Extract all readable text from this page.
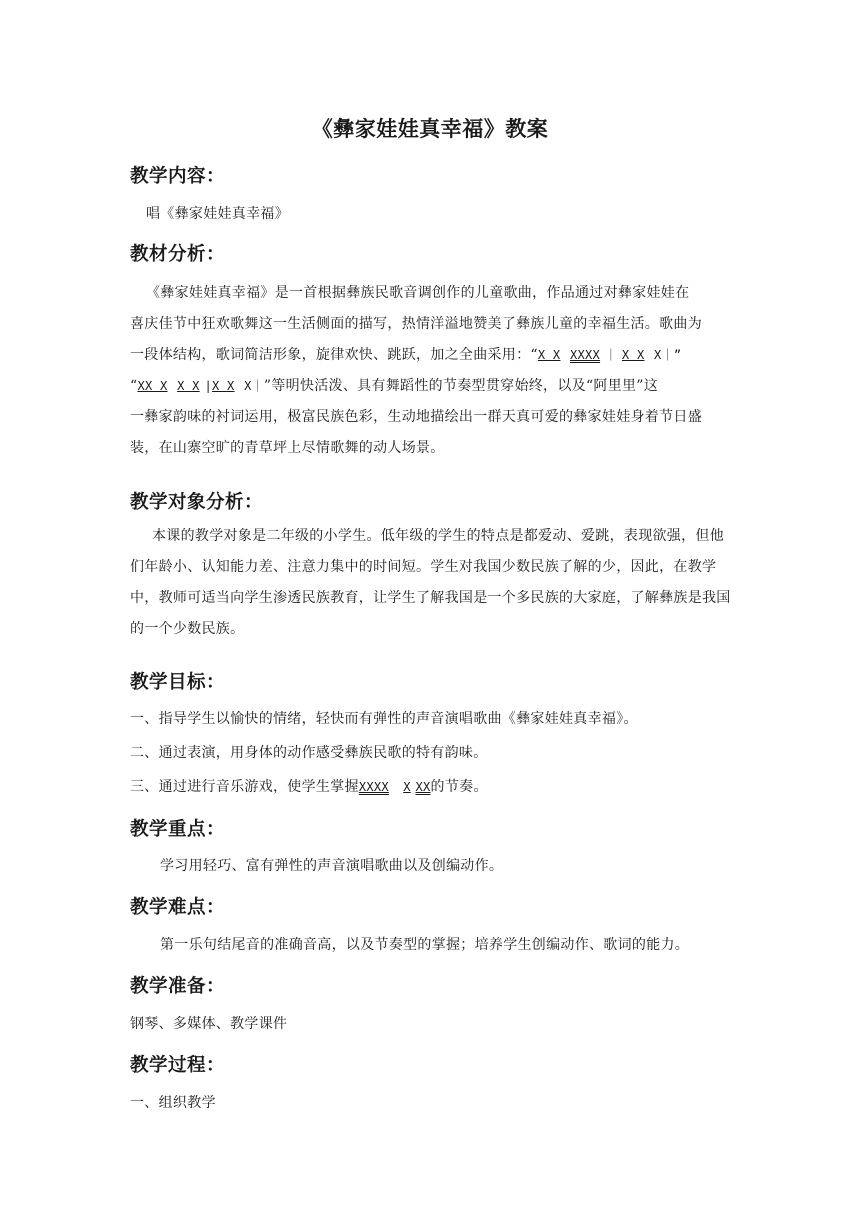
《彝家娃娃真幸福》教案
教学内容：
唱《彝家娃娃真幸福》
教材分析：
《彝家娃娃真幸福》是一首根据彝族民歌音调创作的儿童歌曲，作品通过对彝家娃娃在
喜庆佳节中狂欢歌舞这一生活侧面的描写，热情洋溢地赞美了彝族儿童的幸福生活。歌曲为
一段体结构，歌词简洁形象，旋律欢快、跳跃，加之全曲采用：“X X XXXX ｜ X X X｜”
“XX X X X |X X X｜”等明快活泼、具有舞蹈性的节奏型贯穿始终，以及“阿里里”这
一彝家韵味的衬词运用，极富民族色彩，生动地描绘出一群天真可爱的彝家娃娃身着节日盛
装，在山寨空旷的青草坪上尽情歌舞的动人场景。
教学对象分析：
本课的教学对象是二年级的小学生。低年级的学生的特点是都爱动、爱跳，表现欲强，但他们年龄小、认知能力差、注意力集中的时间短。学生对我国少数民族了解的少，因此，在教学中，教师可适当向学生渗透民族教育，让学生了解我国是一个多民族的大家庭，了解彝族是我国的一个少数民族。
教学目标：
一、指导学生以愉快的情绪，轻快而有弹性的声音演唱歌曲《彝家娃娃真幸福》。
二、通过表演，用身体的动作感受彝族民歌的特有韵味。
三、通过进行音乐游戏，使学生掌握XXXX X XX的节奏。
教学重点：
学习用轻巧、富有弹性的声音演唱歌曲以及创编动作。
教学难点：
第一乐句结尾音的准确音高，以及节奏型的掌握；培养学生创编动作、歌词的能力。
教学准备：
钢琴、多媒体、教学课件
教学过程：
一、组织教学
